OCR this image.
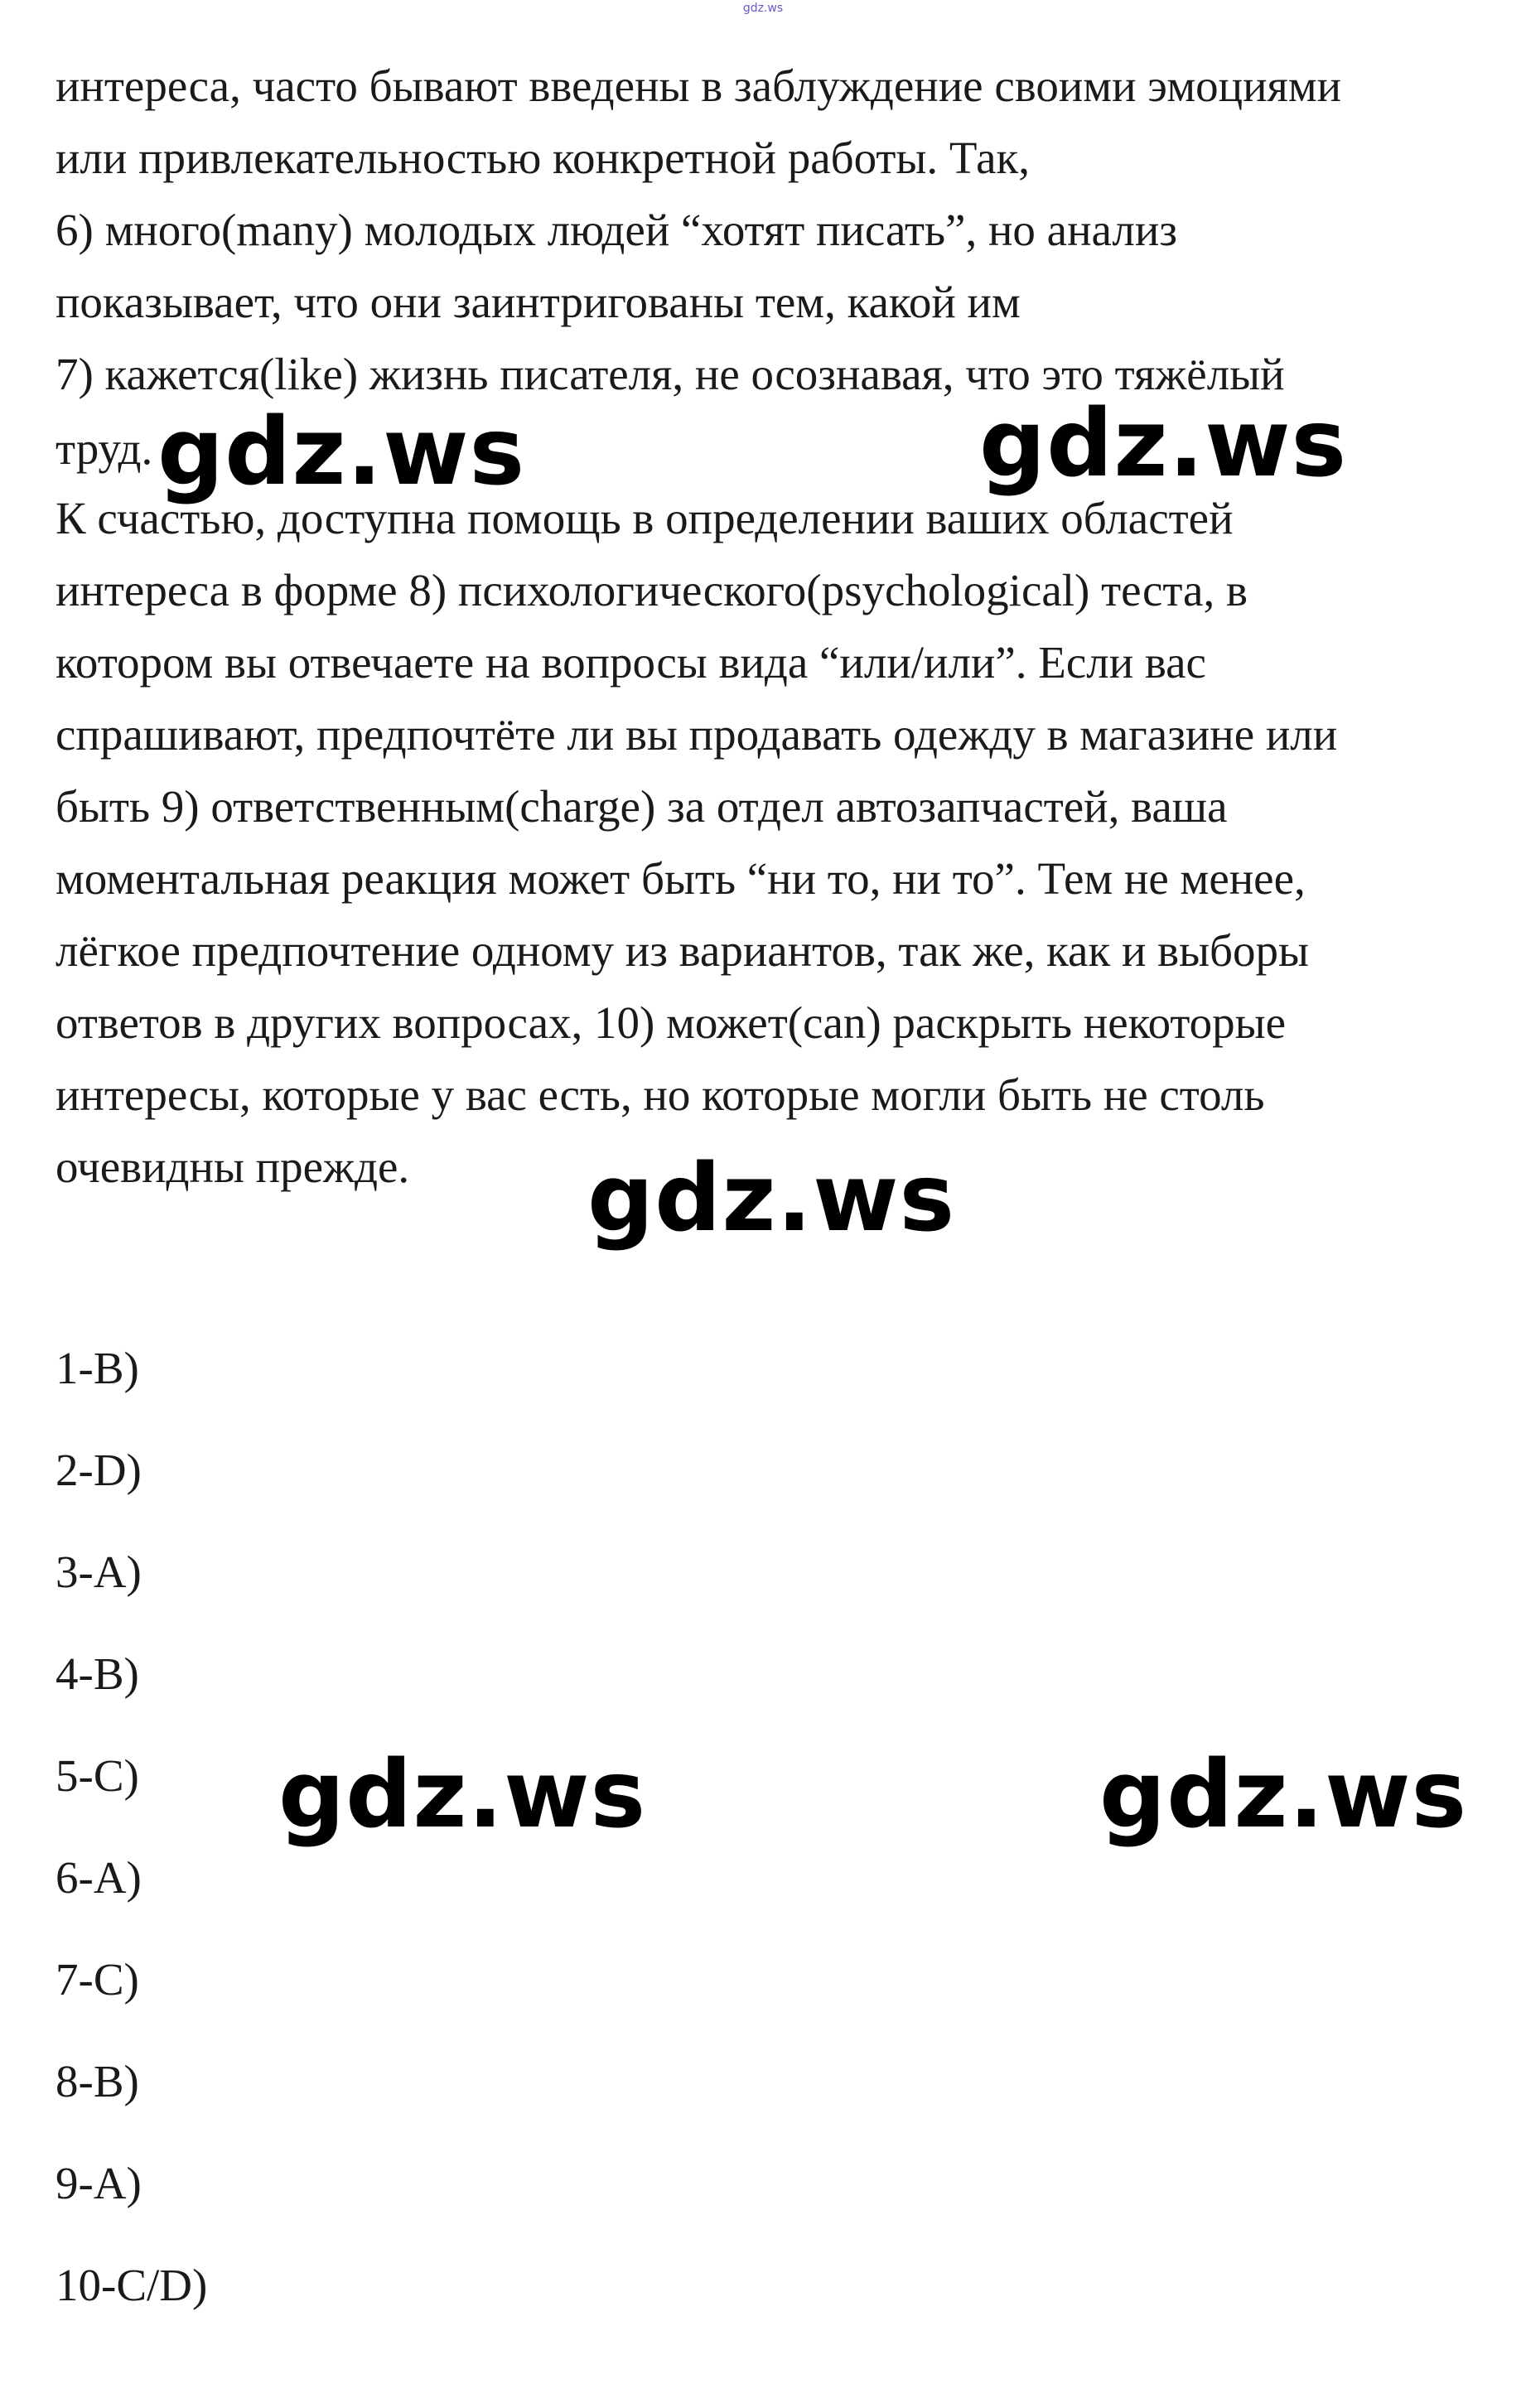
gdz.ws
интереса, часто бывают введены в заблуждение своими эмоциями
или привлекательностью конкретной работы. Так,
6) много(many) молодых людей “хотят писать”, но анализ
показывает, что они заинтригованы тем, какой им
7) кажется(like) жизнь писателя, не осознавая, что это тяжёлый
труд.
К счастью, доступна помощь в определении ваших областей
интереса в форме 8) психологического(psychological) теста, в
котором вы отвечаете на вопросы вида “или/или”. Если вас
спрашивают, предпочтёте ли вы продавать одежду в магазине или
быть 9) ответственным(charge) за отдел автозапчастей, ваша
моментальная реакция может быть “ни то, ни то”. Тем не менее,
лёгкое предпочтение одному из вариантов, так же, как и выборы
ответов в других вопросах, 10) может(can) раскрыть некоторые
интересы, которые у вас есть, но которые могли быть не столь
очевидны прежде.
1-B)
2-D)
3-A)
4-B)
5-C)
6-A)
7-C)
8-B)
9-A)
10-C/D)
gdz.ws	gdz.ws
gdz.ws
gdz.ws	gdz.ws
